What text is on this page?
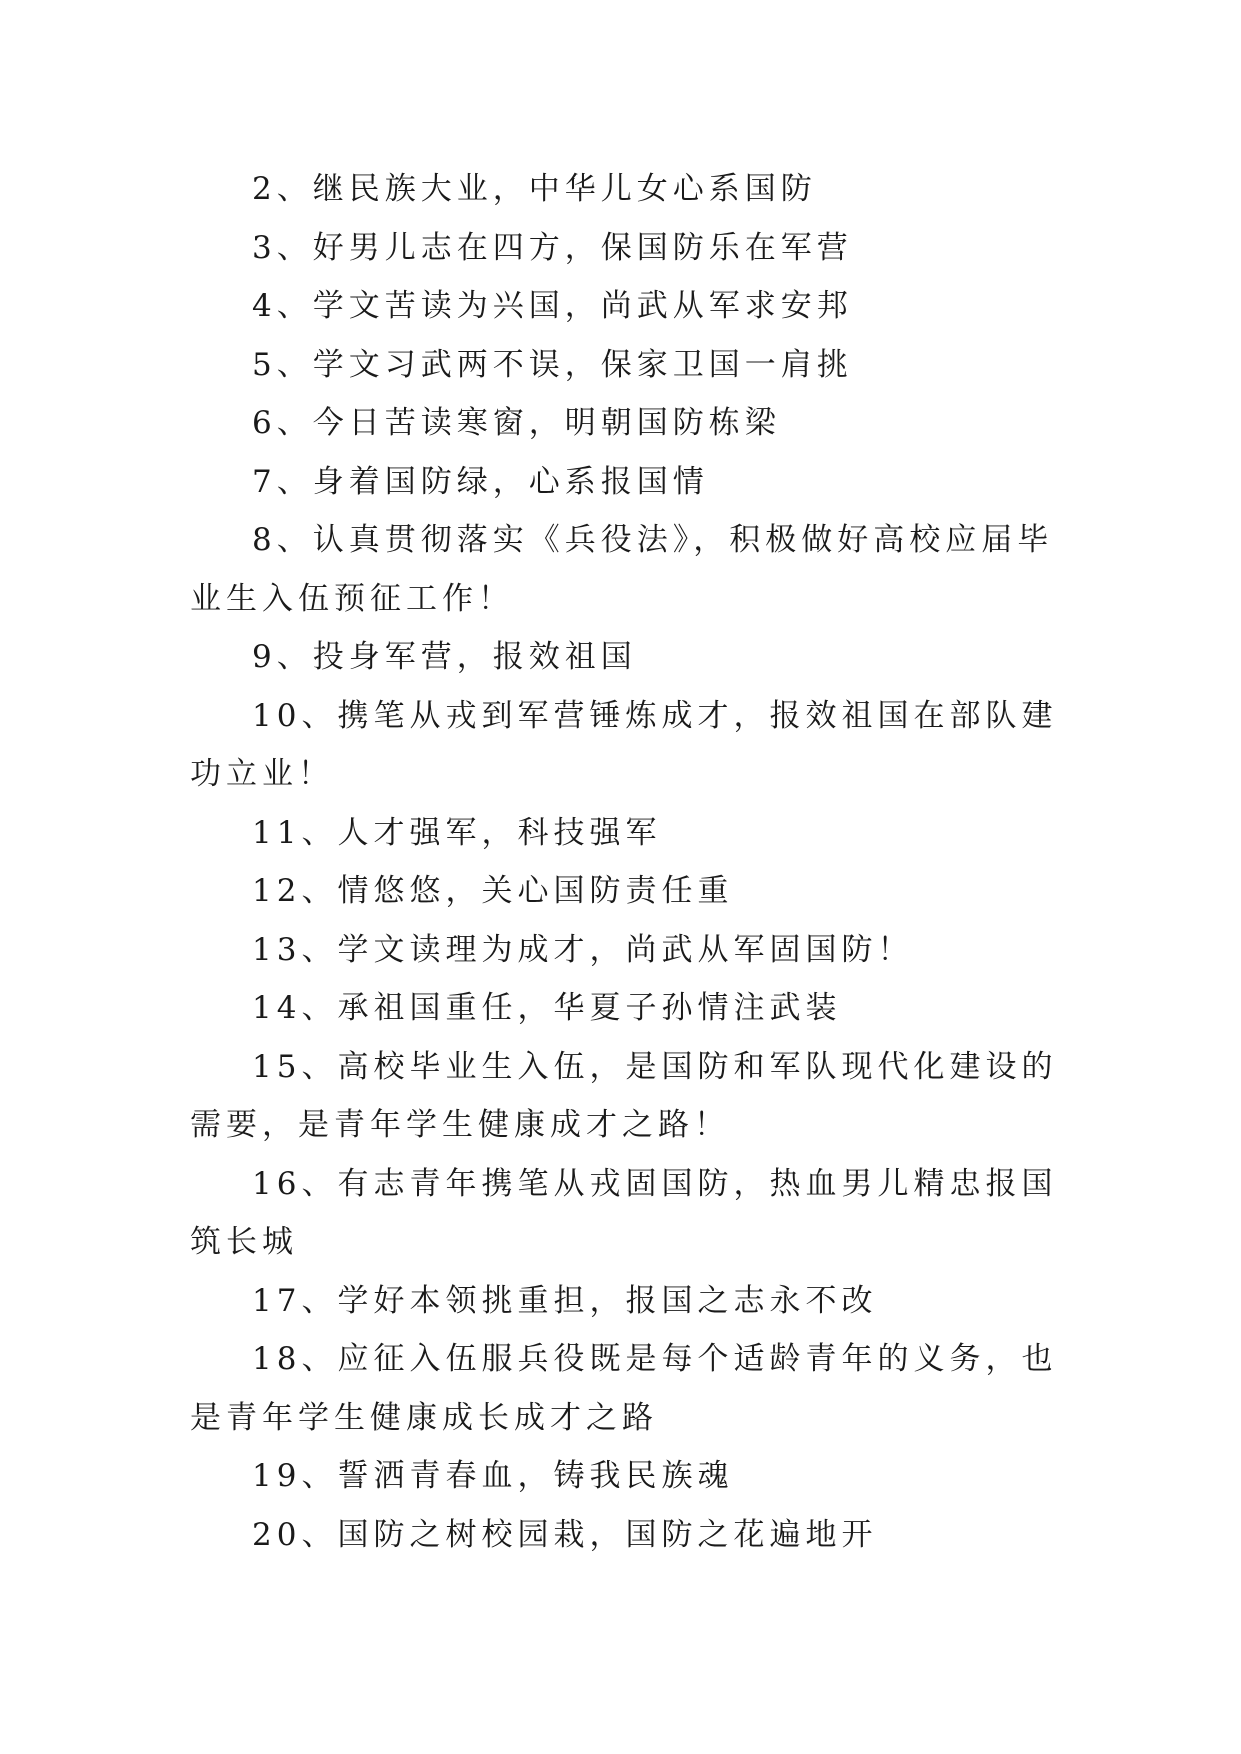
2、继民族大业，中华儿女心系国防

3、好男儿志在四方，保国防乐在军营

4、学文苦读为兴国，尚武从军求安邦

5、学文习武两不误，保家卫国一肩挑

6、今日苦读寒窗，明朝国防栋梁

7、身着国防绿，心系报国情

8、认真贯彻落实《兵役法》，积极做好高校应届毕业生入伍预征工作！

9、投身军营，报效祖国

10、携笔从戎到军营锤炼成才，报效祖国在部队建功立业！

11、人才强军，科技强军

12、情悠悠，关心国防责任重

13、学文读理为成才，尚武从军固国防！

14、承祖国重任，华夏子孙情注武装

15、高校毕业生入伍，是国防和军队现代化建设的需要，是青年学生健康成才之路！

16、有志青年携笔从戎固国防，热血男儿精忠报国筑长城

17、学好本领挑重担，报国之志永不改

18、应征入伍服兵役既是每个适龄青年的义务，也是青年学生健康成长成才之路

19、誓洒青春血，铸我民族魂

20、国防之树校园栽，国防之花遍地开
